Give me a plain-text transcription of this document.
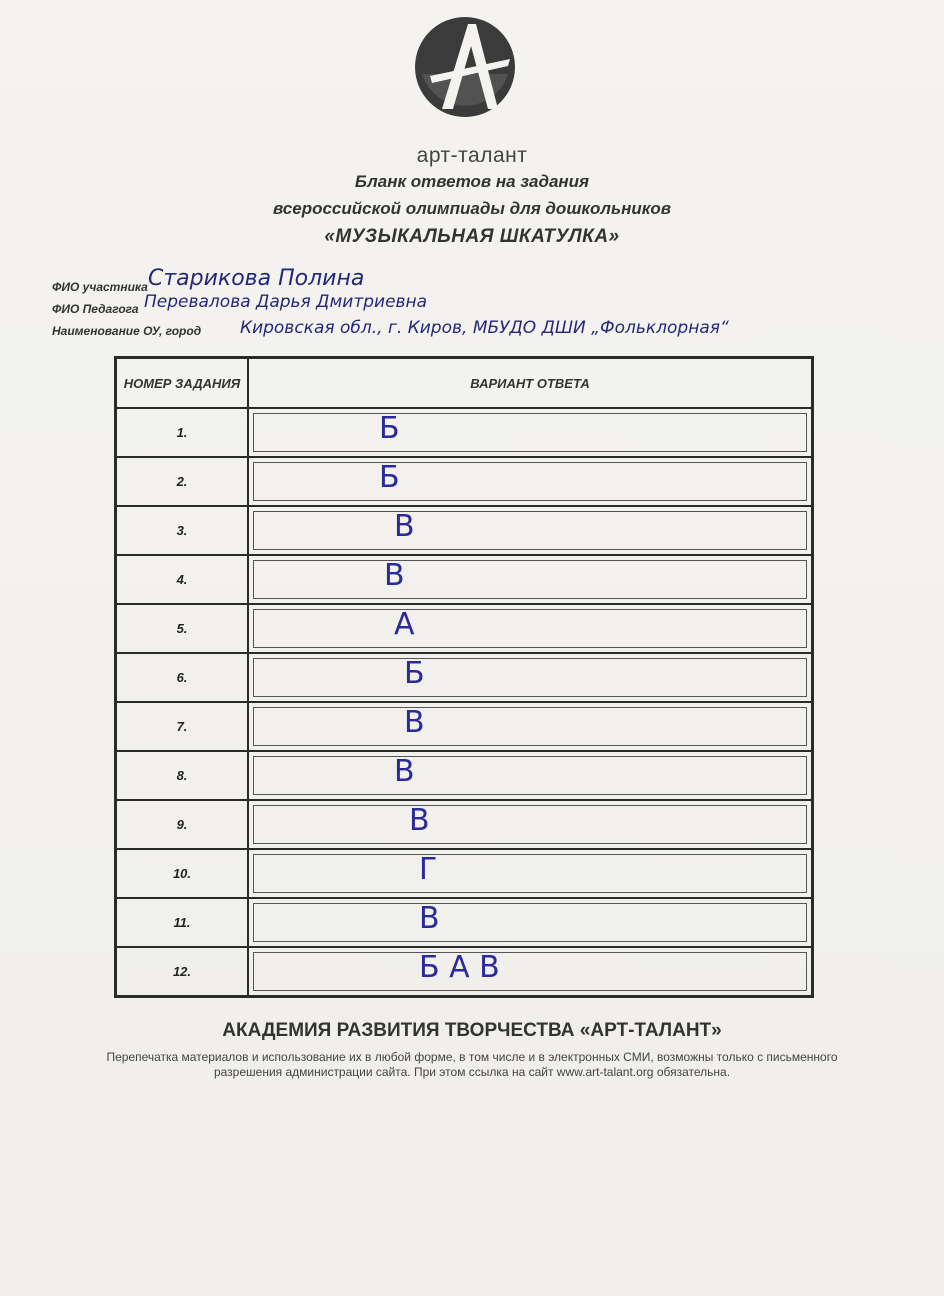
арт-талант
Бланк ответов на задания
всероссийской олимпиады для дошкольников
«МУЗЫКАЛЬНАЯ ШКАТУЛКА»
ФИО участника Старикова Полина
ФИО Педагога Перевалова Дарья Дмитриевна
Наименование ОУ, город Кировская обл., г. Киров, МБУДО ДШИ „Фольклорная“
НОМЕР ЗАДАНИЯ	ВАРИАНТ ОТВЕТА
1.	Б

2.	Б

3.	В

4.	В

5.	А

6.	Б

7.	В

8.	В

9.	В

10.	Г

11.	В

12.	Б А В
АКАДЕМИЯ РАЗВИТИЯ ТВОРЧЕСТВА «АРТ-ТАЛАНТ»
Перепечатка материалов и использование их в любой форме, в том числе и в электронных СМИ, возможны только с письменного разрешения администрации сайта. При этом ссылка на сайт www.art-talant.org обязательна.
